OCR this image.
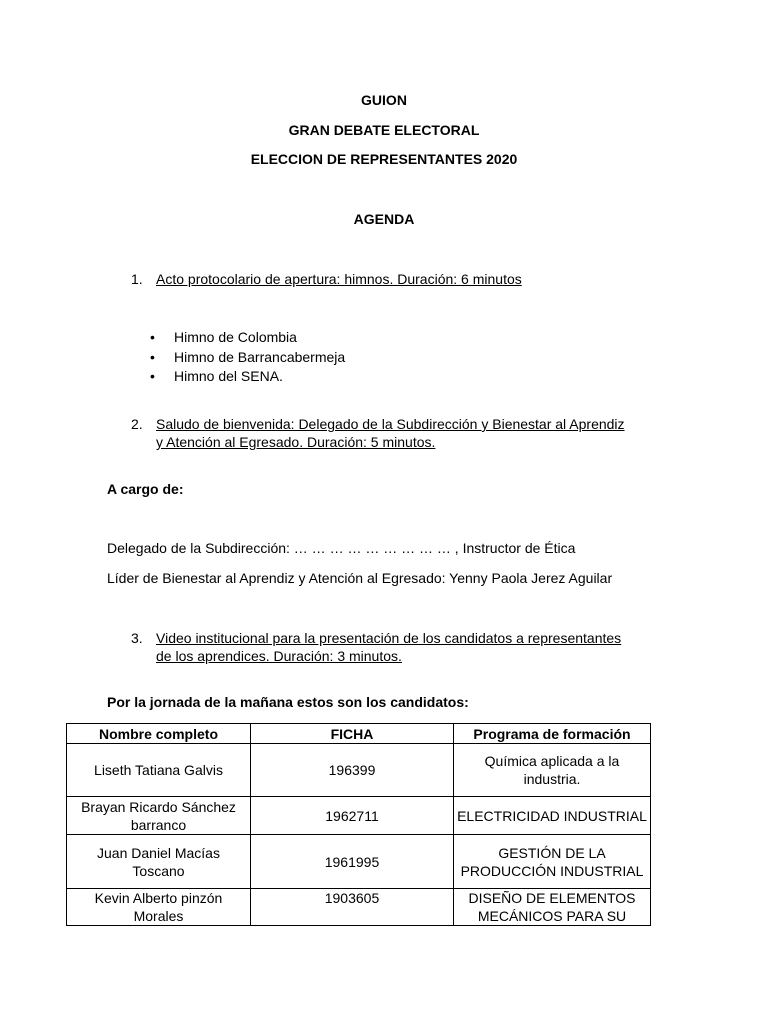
GUION
GRAN DEBATE ELECTORAL
ELECCION DE REPRESENTANTES 2020
AGENDA
1. Acto protocolario de apertura: himnos. Duración: 6 minutos
• Himno de Colombia
• Himno de Barrancabermeja
• Himno del SENA.
2. Saludo de bienvenida: Delegado de la Subdirección y Bienestar al Aprendiz
y Atención al Egresado. Duración: 5 minutos.
A cargo de:
Delegado de la Subdirección: … … … … … … … … … , Instructor de Ética
Líder de Bienestar al Aprendiz y Atención al Egresado: Yenny Paola Jerez Aguilar
3. Video institucional para la presentación de los candidatos a representantes
de los aprendices. Duración: 3 minutos.
Por la jornada de la mañana estos son los candidatos:
Nombre completo	FICHA	Programa de formación
Liseth Tatiana Galvis	196399	Química aplicada a la industria.
Brayan Ricardo Sánchez barranco	1962711	ELECTRICIDAD INDUSTRIAL
Juan Daniel Macías Toscano	1961995	GESTIÓN DE LA PRODUCCIÓN INDUSTRIAL
Kevin Alberto pinzón Morales	1903605	DISEÑO DE ELEMENTOS MECÁNICOS PARA SU
